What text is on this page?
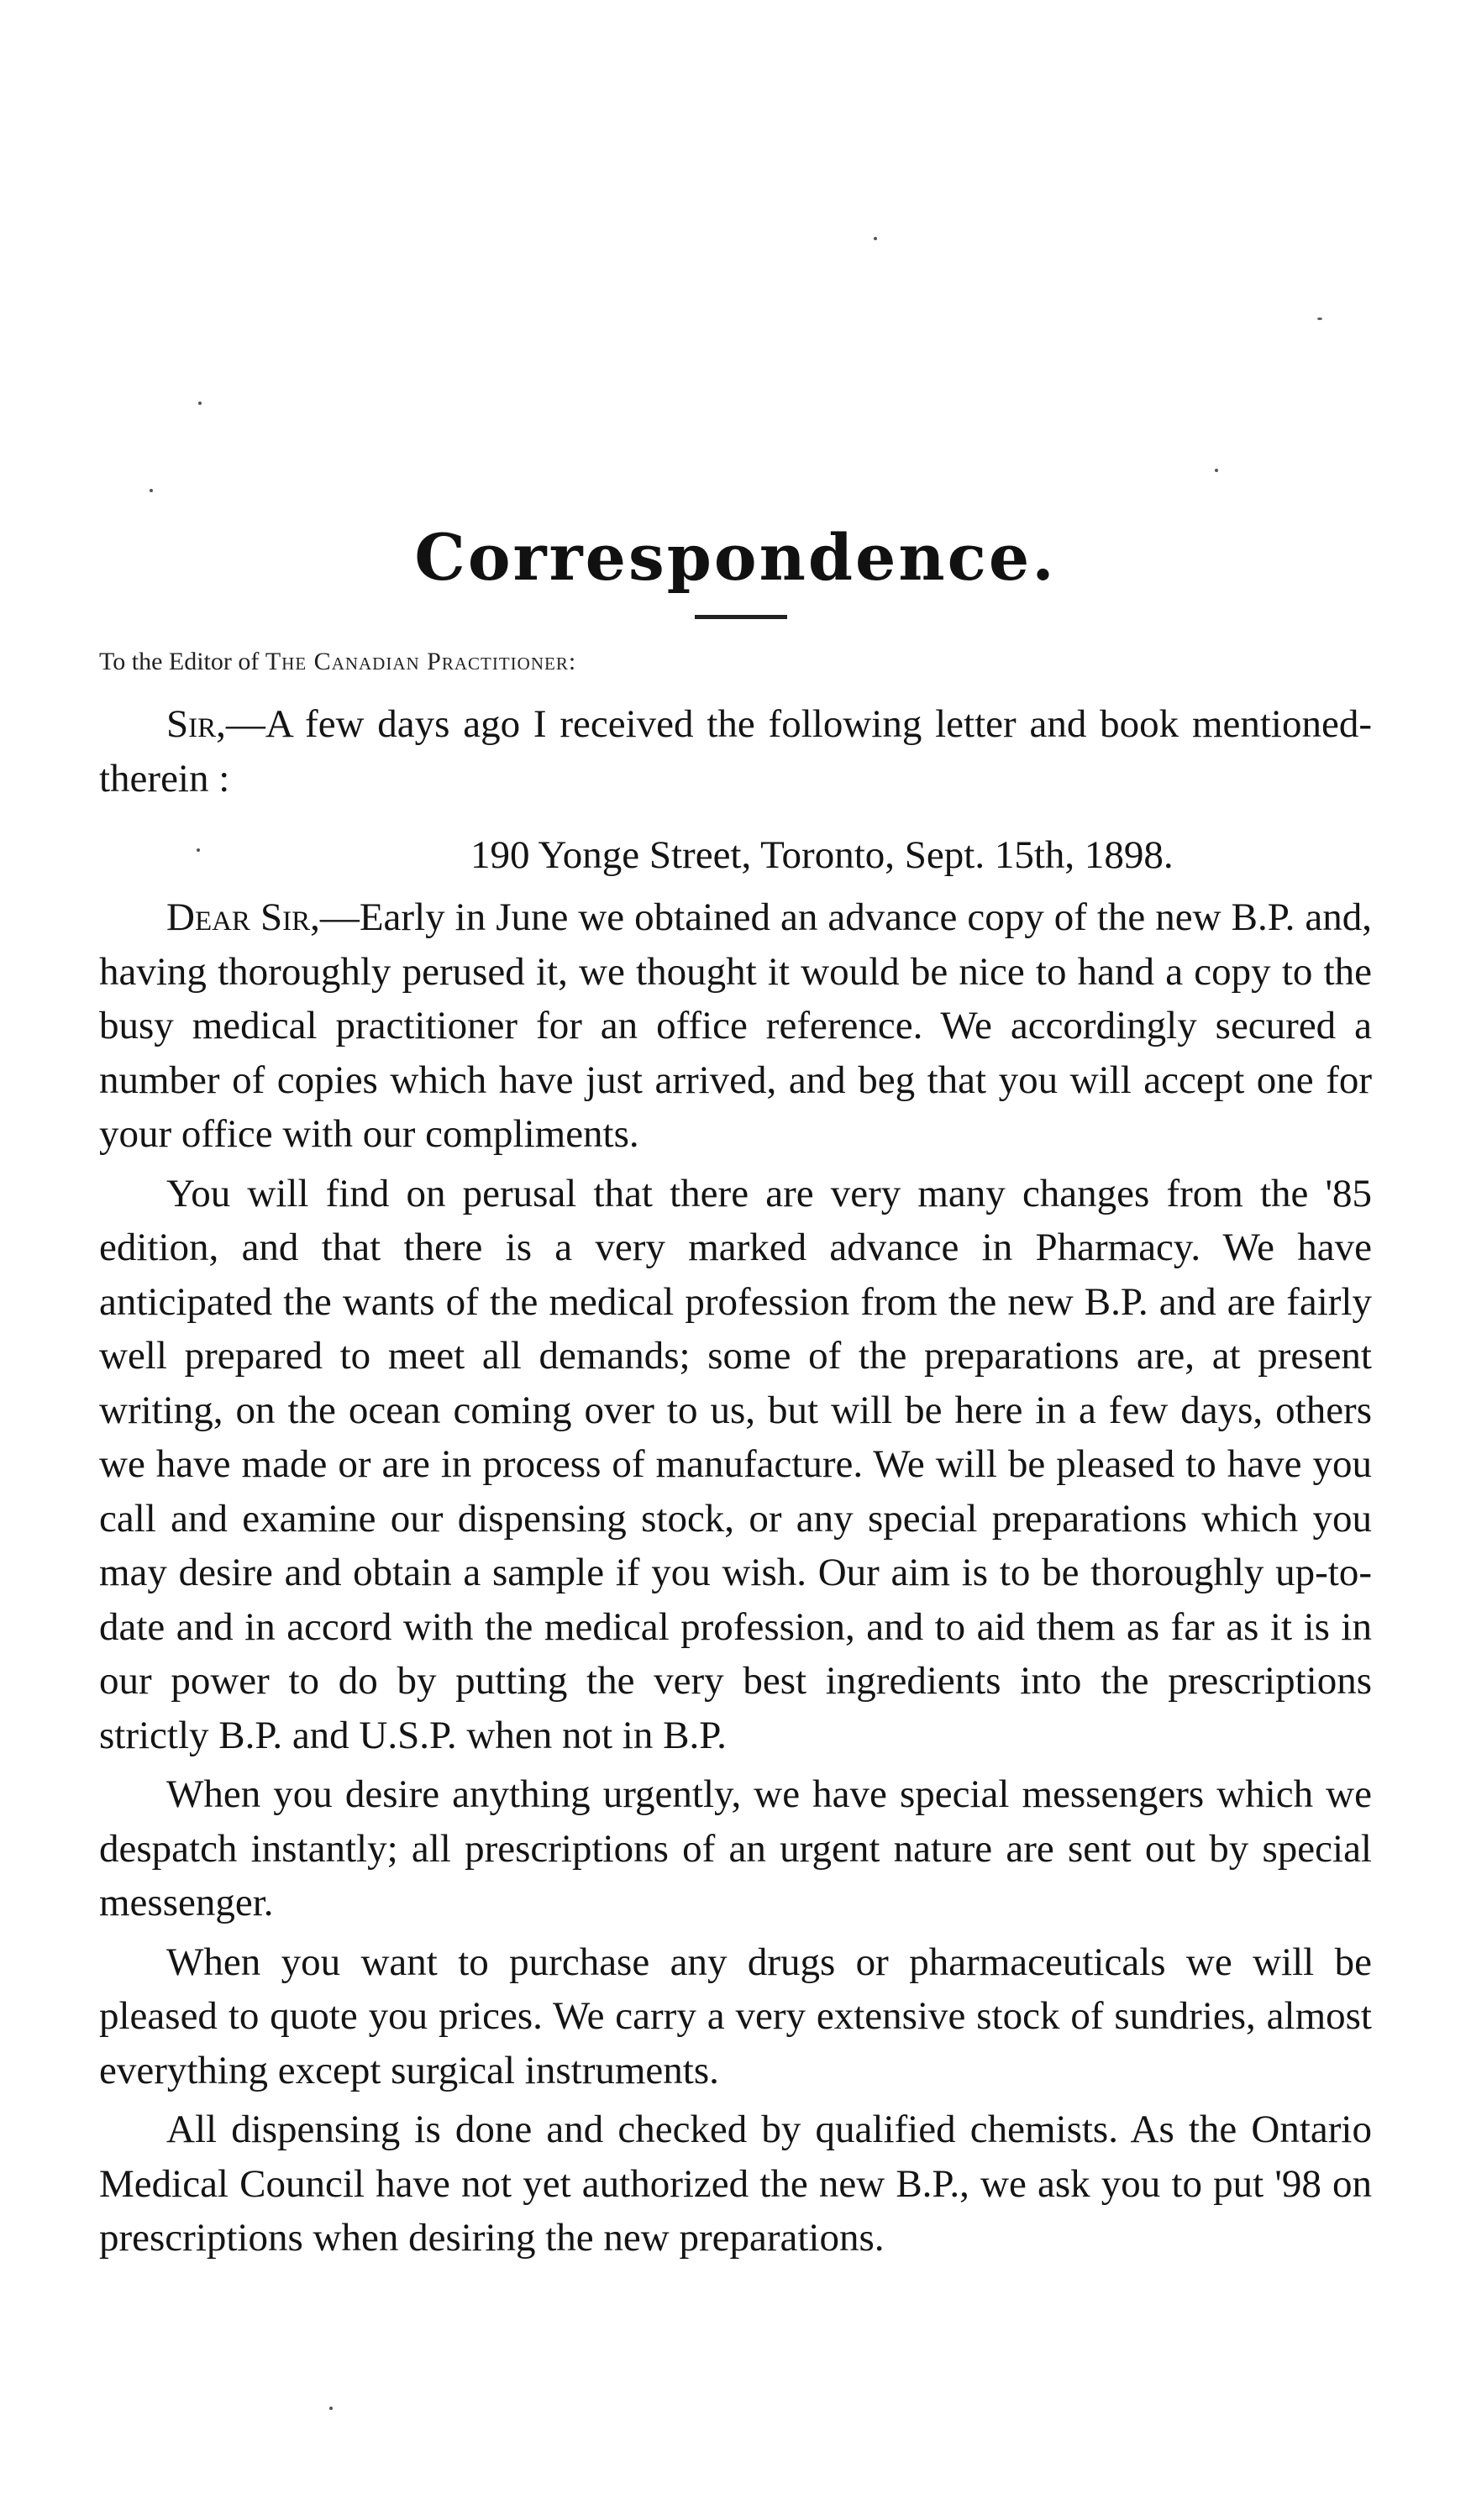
Correspondence.
To the Editor of The Canadian Practitioner:

Sir,—A few days ago I received the following letter and book mentioned- therein :

190 Yonge Street, Toronto, Sept. 15th, 1898.

Dear Sir,—Early in June we obtained an advance copy of the new B.P. and, having thoroughly perused it, we thought it would be nice to hand a copy to the busy medical practitioner for an office reference. We accordingly secured a number of copies which have just arrived, and beg that you will accept one for your office with our compliments.

You will find on perusal that there are very many changes from the '85 edition, and that there is a very marked advance in Pharmacy. We have anticipated the wants of the medical profession from the new B.P. and are fairly well prepared to meet all demands; some of the preparations are, at present writing, on the ocean coming over to us, but will be here in a few days, others we have made or are in process of manufacture. We will be pleased to have you call and examine our dispensing stock, or any special preparations which you may desire and obtain a sample if you wish. Our aim is to be thoroughly up-to-date and in accord with the medical profession, and to aid them as far as it is in our power to do by putting the very best ingredients into the prescriptions strictly B.P. and U.S.P. when not in B.P.

When you desire anything urgently, we have special messengers which we despatch instantly; all prescriptions of an urgent nature are sent out by special messenger.

When you want to purchase any drugs or pharmaceuticals we will be pleased to quote you prices. We carry a very extensive stock of sundries, almost everything except surgical instruments.

All dispensing is done and checked by qualified chemists. As the Ontario Medical Council have not yet authorized the new B.P., we ask you to put '98 on prescriptions when desiring the new preparations.
